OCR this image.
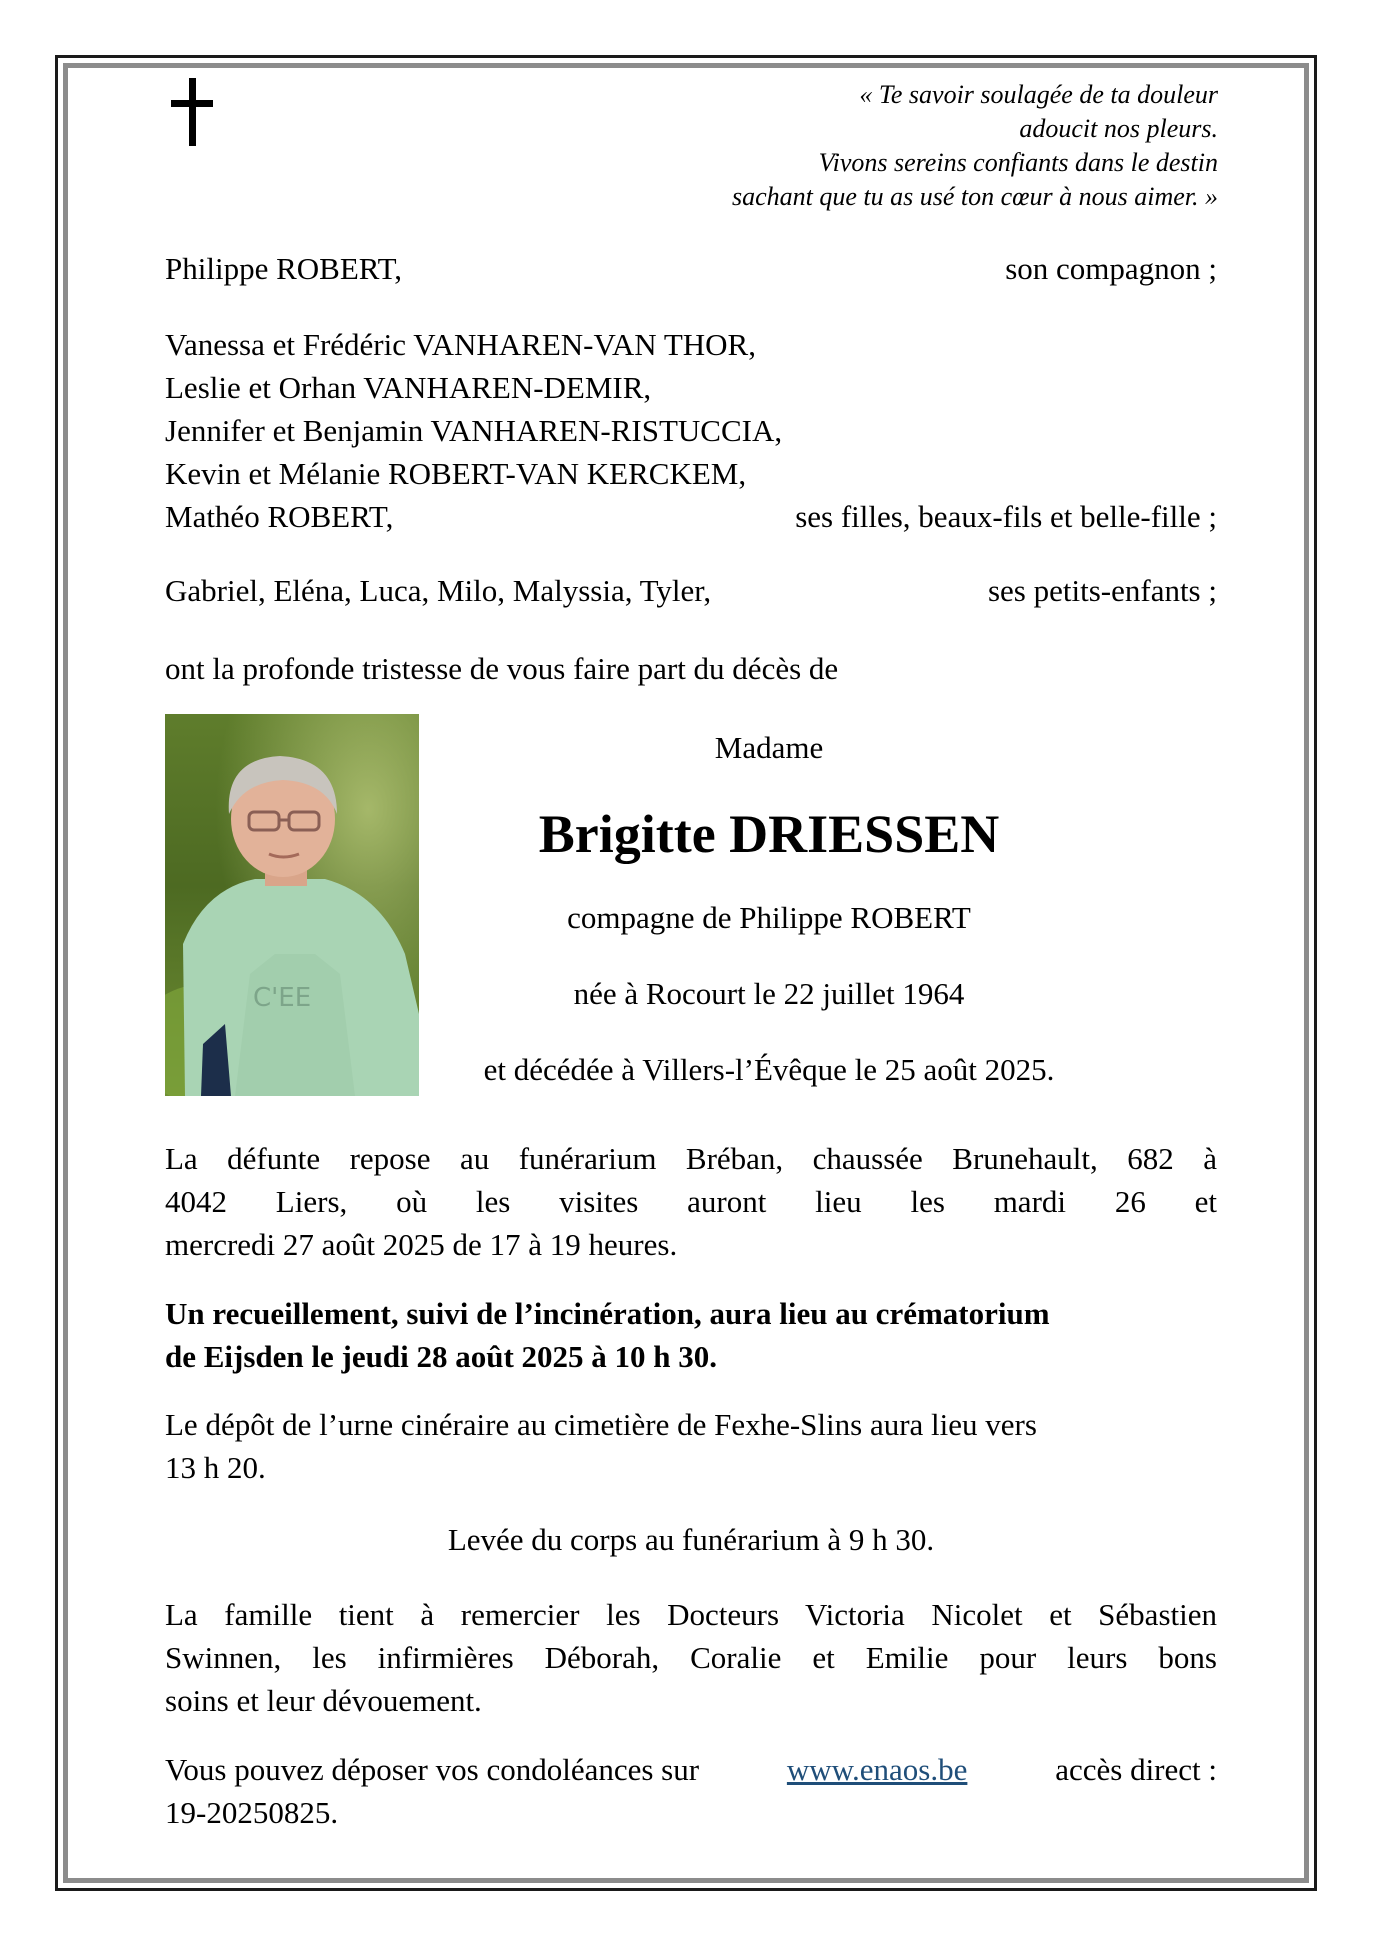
« Te savoir soulagée de ta douleur
adoucit nos pleurs.
Vivons sereins confiants dans le destin
sachant que tu as usé ton cœur à nous aimer. »
Philippe ROBERT,	son compagnon ;
Vanessa et Frédéric VANHAREN-VAN THOR,
Leslie et Orhan VANHAREN-DEMIR,
Jennifer et Benjamin VANHAREN-RISTUCCIA,
Kevin et Mélanie ROBERT-VAN KERCKEM,
Mathéo ROBERT,	ses filles, beaux-fils et belle-fille ;
Gabriel, Eléna, Luca, Milo, Malyssia, Tyler,	ses petits-enfants ;
ont la profonde tristesse de vous faire part du décès de
C'EE
Madame
Brigitte DRIESSEN
compagne de Philippe ROBERT
née à Rocourt le 22 juillet 1964
et décédée à Villers-l’Évêque le 25 août 2025.
La défunte repose au funérarium Bréban, chaussée Brunehault, 682 à
4042 Liers, où les visites auront lieu les mardi 26 et
mercredi 27 août 2025 de 17 à 19 heures.
Un recueillement, suivi de l’incinération, aura lieu au crématorium
de Eijsden le jeudi 28 août 2025 à 10 h 30.
Le dépôt de l’urne cinéraire au cimetière de Fexhe-Slins aura lieu vers
13 h 20.
Levée du corps au funérarium à 9 h 30.
La famille tient à remercier les Docteurs Victoria Nicolet et Sébastien
Swinnen, les infirmières Déborah, Coralie et Emilie pour leurs bons
soins et leur dévouement.
Vous pouvez déposer vos condoléances sur	www.enaos.be	accès direct :
19-20250825.
